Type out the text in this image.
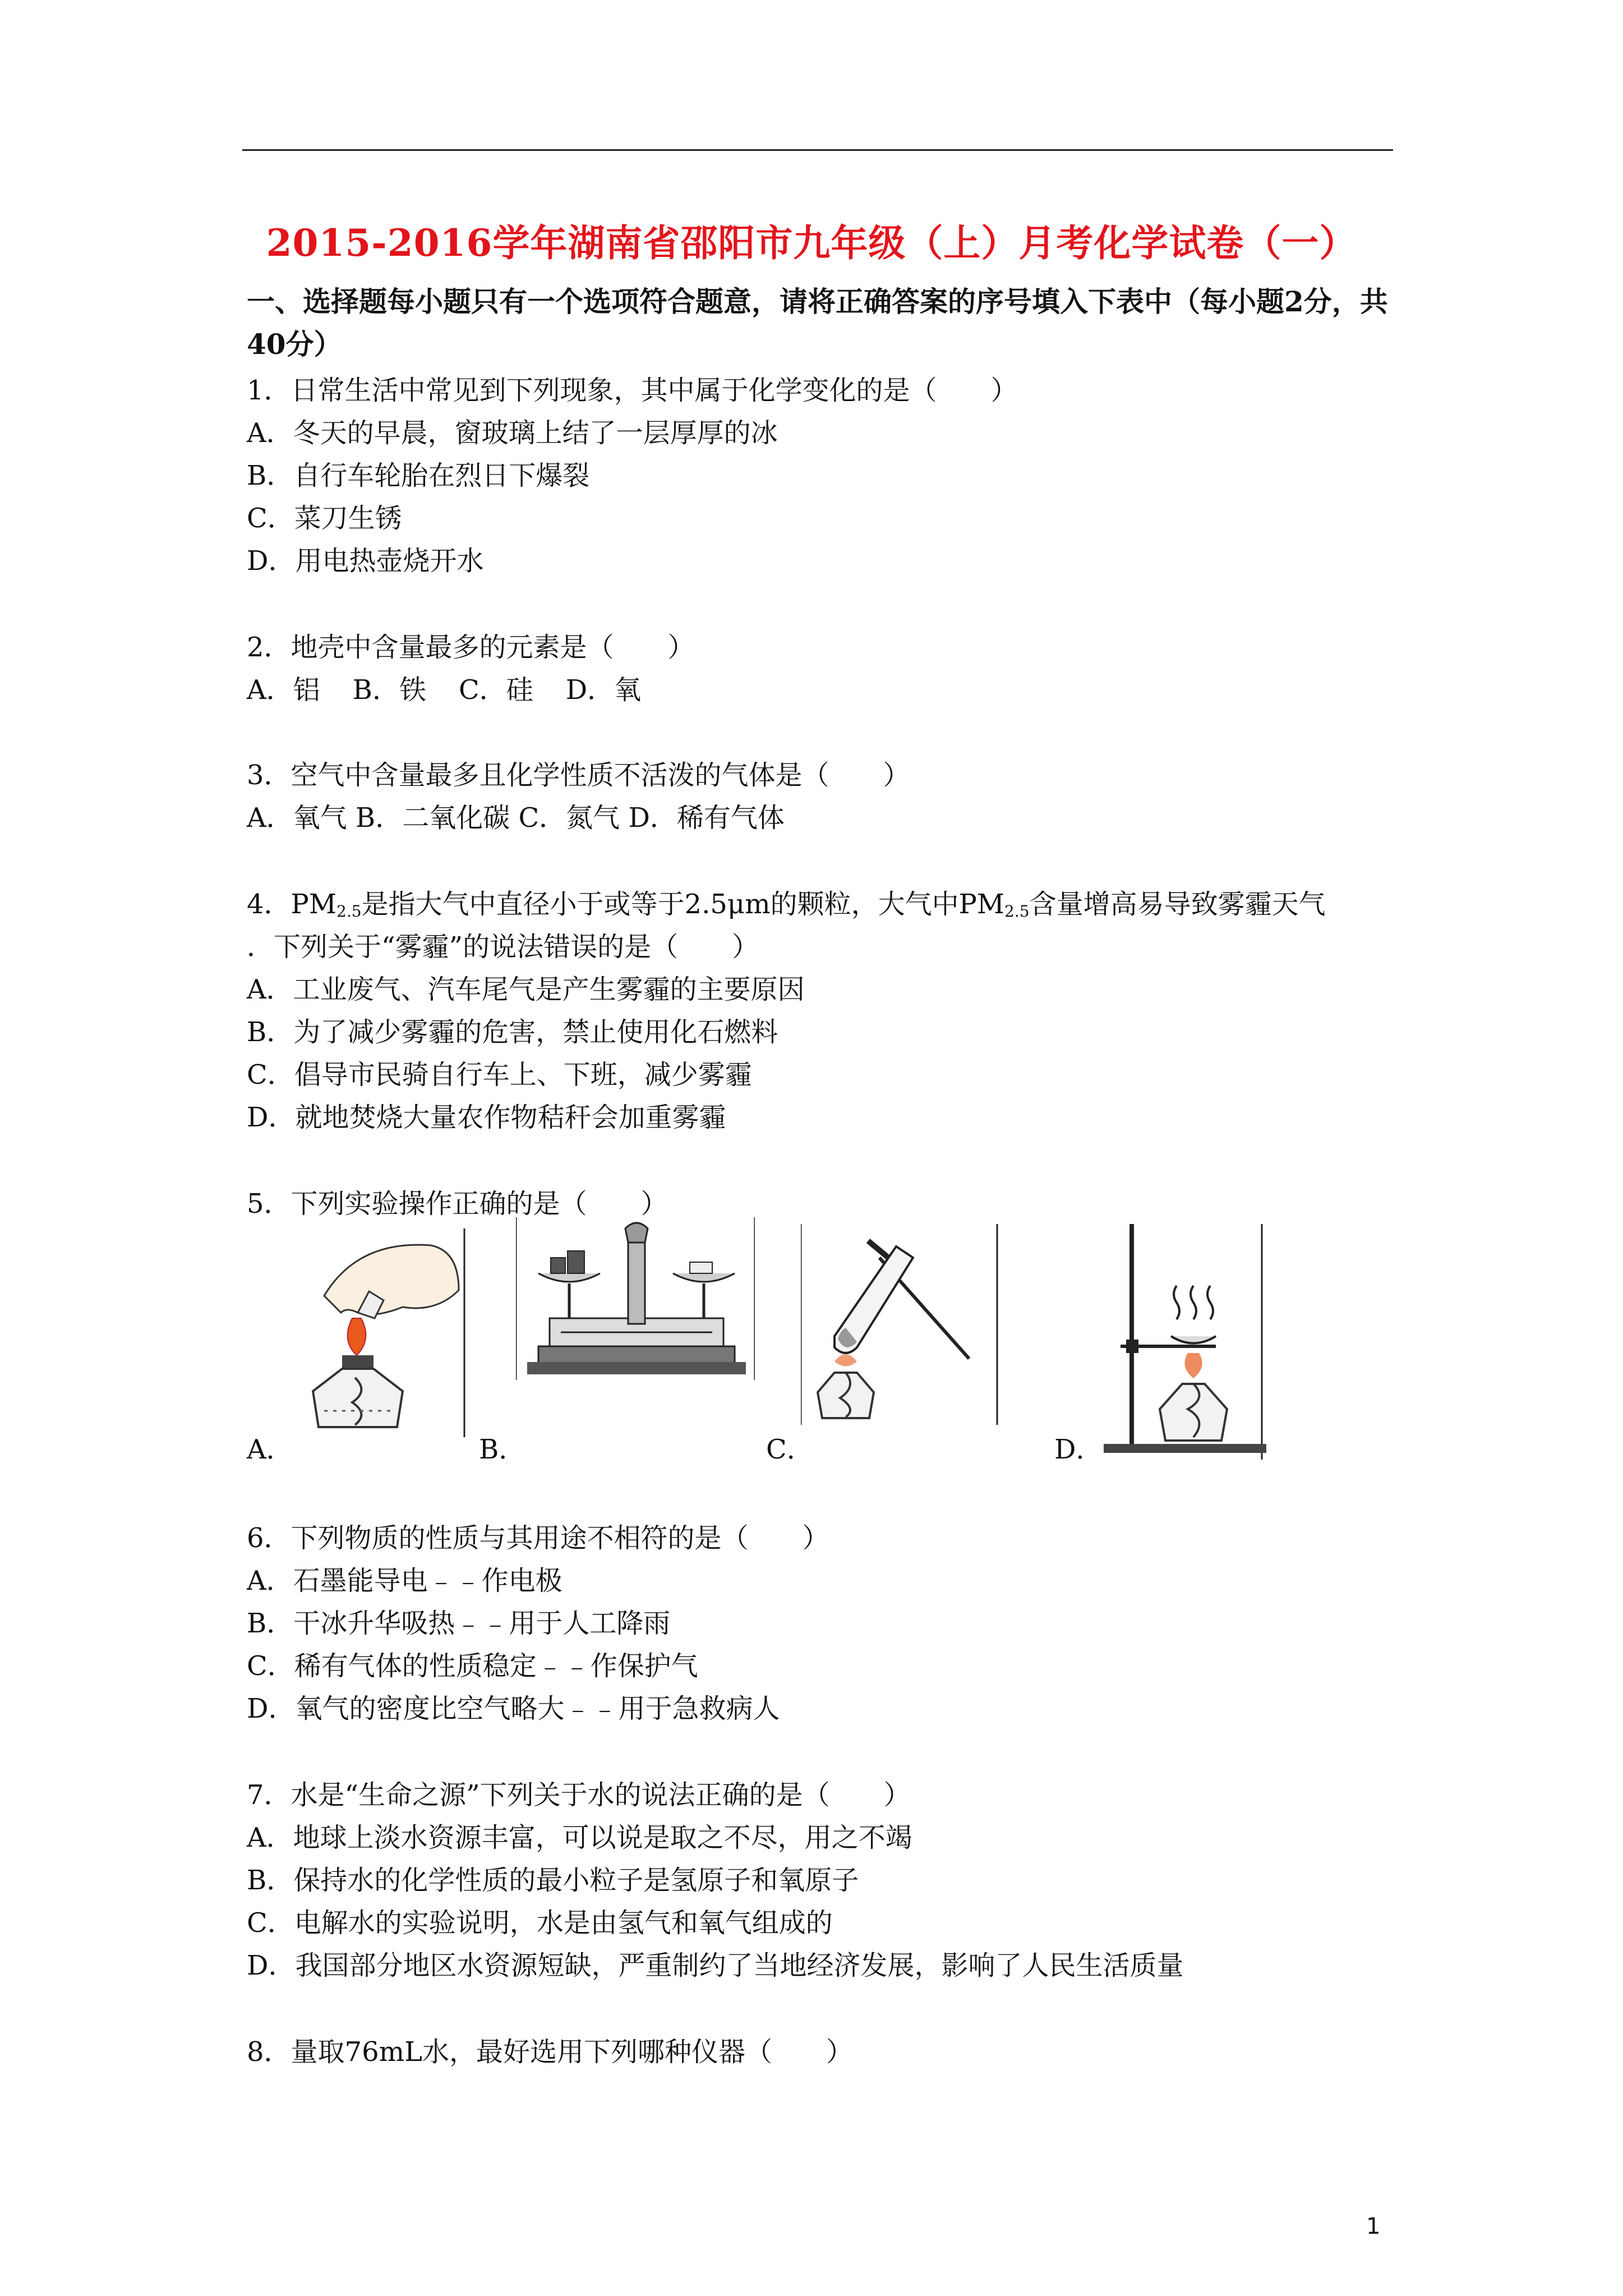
2015-2016学年湖南省邵阳市九年级（上）月考化学试卷（一）
一、选择题每小题只有一个选项符合题意，请将正确答案的序号填入下表中（每小题2分，共40分）
1．日常生活中常见到下列现象，其中属于化学变化的是（　　）
A．冬天的早晨，窗玻璃上结了一层厚厚的冰
B．自行车轮胎在烈日下爆裂
C．菜刀生锈
D．用电热壶烧开水
2．地壳中含量最多的元素是（　　）
A．铝 B．铁 C．硅 D．氧
3．空气中含量最多且化学性质不活泼的气体是（　　）
A．氧气 B．二氧化碳 C．氮气 D．稀有气体
4．$PM_{2.5}$是指大气中直径小于或等于2.5μm的颗粒，大气中$PM_{2.5}$含量增高易导致雾霾天气
．下列关于“雾霾”的说法错误的是（　　）
A．工业废气、汽车尾气是产生雾霾的主要原因
B．为了减少雾霾的危害，禁止使用化石燃料
C．倡导市民骑自行车上、下班，减少雾霾
D．就地焚烧大量农作物秸秆会加重雾霾
5．下列实验操作正确的是（　　）
A．	B．	C．	D．
6．下列物质的性质与其用途不相符的是（　　）
A．石墨能导电﹣﹣作电极
B．干冰升华吸热﹣﹣用于人工降雨
C．稀有气体的性质稳定﹣﹣作保护气
D．氧气的密度比空气略大﹣﹣用于急救病人
7．水是“生命之源”下列关于水的说法正确的是（　　）
A．地球上淡水资源丰富，可以说是取之不尽，用之不竭
B．保持水的化学性质的最小粒子是氢原子和氧原子
C．电解水的实验说明，水是由氢气和氧气组成的
D．我国部分地区水资源短缺，严重制约了当地经济发展，影响了人民生活质量
8．量取76mL水，最好选用下列哪种仪器（　　）
1
